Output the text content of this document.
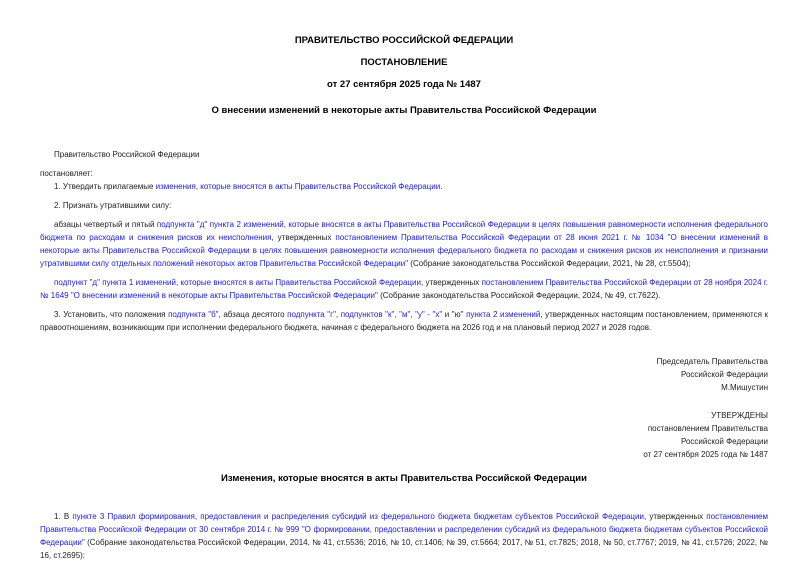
ПРАВИТЕЛЬСТВО РОССИЙСКОЙ ФЕДЕРАЦИИ
ПОСТАНОВЛЕНИЕ
от 27 сентября 2025 года № 1487
О внесении изменений в некоторые акты Правительства Российской Федерации

Правительство Российской Федерации

постановляет:

1. Утвердить прилагаемые изменения, которые вносятся в акты Правительства Российской Федерации.

2. Признать утратившими силу:

абзацы четвертый и пятый подпункта "д" пункта 2 изменений, которые вносятся в акты Правительства Российской Федерации в целях повышения равномерности исполнения федерального бюджета по расходам и снижения рисков их неисполнения, утвержденных постановлением Правительства Российской Федерации от 28 июня 2021 г. № 1034 "О внесении изменений в некоторые акты Правительства Российской Федерации в целях повышения равномерности исполнения федерального бюджета по расходам и снижения рисков их неисполнения и признании утратившими силу отдельных положений некоторых актов Правительства Российской Федерации" (Собрание законодательства Российской Федерации, 2021, № 28, ст.5504);

подпункт "д" пункта 1 изменений, которые вносятся в акты Правительства Российской Федерации, утвержденных постановлением Правительства Российской Федерации от 28 ноября 2024 г. № 1649 "О внесении изменений в некоторые акты Правительства Российской Федерации" (Собрание законодательства Российской Федерации, 2024, № 49, ст.7622).

3. Установить, что положения подпункта "б", абзаца десятого подпункта "г", подпунктов "к", "м", "у" - "х" и "ю" пункта 2 изменений, утвержденных настоящим постановлением, применяются к правоотношениям, возникающим при исполнении федерального бюджета, начиная с федерального бюджета на 2026 год и на плановый период 2027 и 2028 годов.

Председатель Правительства
Российской Федерации
М.Мишустин
УТВЕРЖДЕНЫ
постановлением Правительства
Российской Федерации
от 27 сентября 2025 года № 1487
Изменения, которые вносятся в акты Правительства Российской Федерации

1. В пункте 3 Правил формирования, предоставления и распределения субсидий из федерального бюджета бюджетам субъектов Российской Федерации, утвержденных постановлением Правительства Российской Федерации от 30 сентября 2014 г. № 999 "О формировании, предоставлении и распределении субсидий из федерального бюджета бюджетам субъектов Российской Федерации" (Собрание законодательства Российской Федерации, 2014, № 41, ст.5536; 2016, № 10, ст.1406; № 39, ст.5664; 2017, № 51, ст.7825; 2018, № 50, ст.7767; 2019, № 41, ст.5726; 2022, № 16, ст.2695):
